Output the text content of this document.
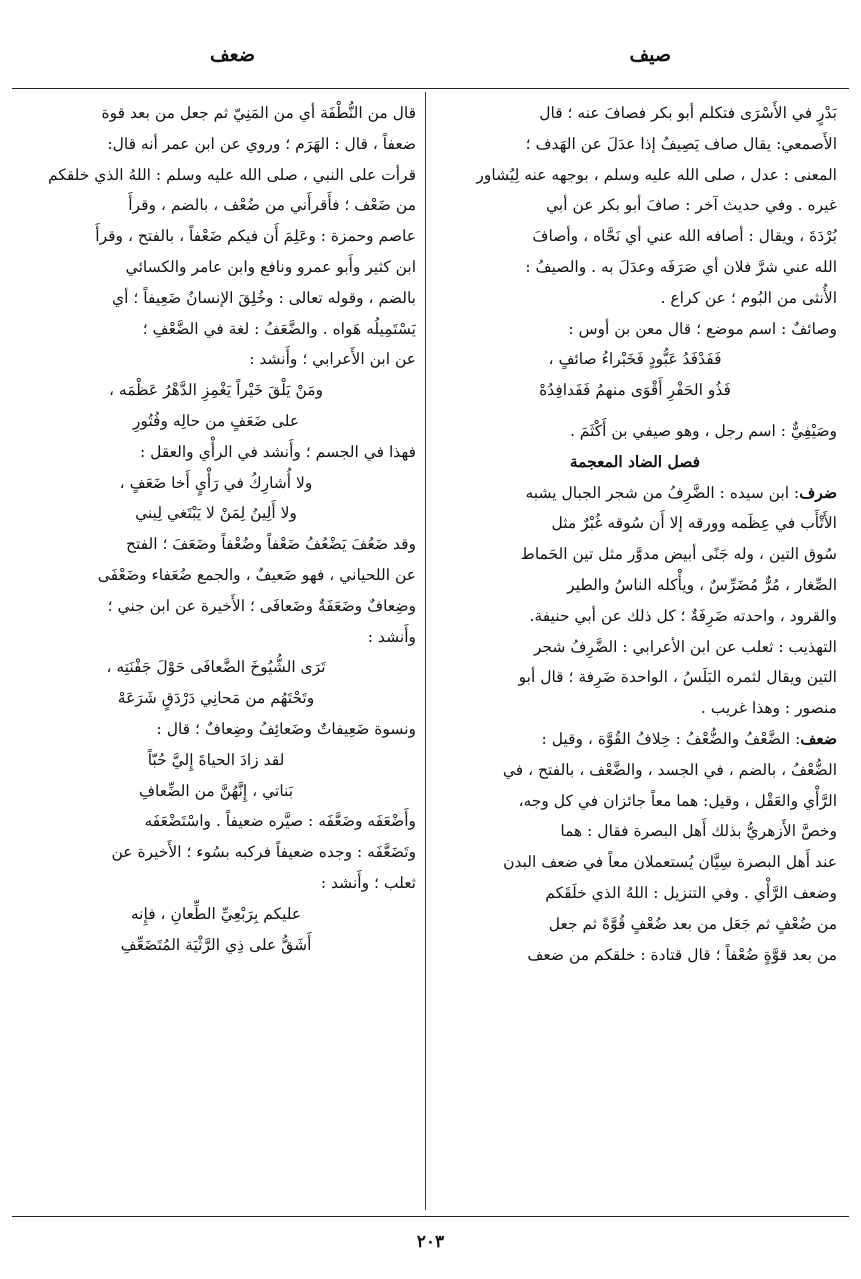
صيف
ضعف

بَدْرٍ في الأَسْرَى فتكلم أبو بكر فصافَ عنه ؛ قال

الأَصمعي: يقال صاف يَصِيفُ إذا عدَلَ عن الهَدف ؛

المعنى : عدل ، صلى الله عليه وسلم ، بوجهه عنه لِيُشاور

غيره . وفي حديث آخر : صافَ أبو بكر عن أبي

بُرْدَةَ ، ويقال : أصافه الله عني أي نَحَّاه ، وأصافَ

الله عني شرَّ فلان أي صَرَفَه وعدَلَ به . والصيفُ :

الأُنثى من البُوم ؛ عن كراع .

وصائفٌ : اسم موضع ؛ قال معن بن أوس :

فَفَدْفَدُ عَبُّودٍ فَخَبْراءُ صائفٍ ،

فَذُو الحَفْرِ أَقْوَى منهمُ فَفَدافِدُهْ

وصَيْفِيٌّ : اسم رجل ، وهو صيفي بن أَكْثَمَ .

فصل الضاد المعجمة

ضرف: ابن سيده : الضَّرِفُ من شجر الجبال يشبه

الأَتْأَب في عِظَمه وورقه إلا أَن سُوقه غُبْرٌ مثل

سُوق التين ، وله جَنًى أبيض مدوَّر مثل تين الحَماط

الصِّغار ، مُرٌّ مُضَرِّسٌ ، ويأْكله الناسُ والطير

والقرود ، واحدته ضَرِفَةٌ ؛ كل ذلك عن أبي حنيفة.

التهذيب : ثعلب عن ابن الأعرابي : الضَّرِفُ شجر

التين ويقال لثمره البَلَسُ ، الواحدة ضَرِفة ؛ قال أبو

منصور : وهذا غريب .

ضعف: الضَّعْفُ والضُّعْفُ : خِلافُ القُوَّة ، وقيل :

الضُّعْفُ ، بالضم ، في الجسد ، والضَّعْف ، بالفتح ، في

الرَّأْي والعَقْل ، وقيل: هما معاً جائزان في كل وجه،

وخصَّ الأَزهريُّ بذلك أَهل البصرة فقال : هما

عند أَهل البصرة سِيَّان يُستعملان معاً في ضعف البدن

وضعف الرَّأْي . وفي التنزيل : اللهُ الذي خلَقَكم

من ضُعْفٍ ثم جَعَل من بعد ضُعْفٍ قُوَّةً ثم جعل

من بعد قوَّةٍ ضُعْفاً ؛ قال قتادة : خلقكم من ضعف

قال من النُّطْفَة أي من المَنِيّ ثم جعل من بعد قوة

ضعفاً ، قال : الهَرَم ؛ وروي عن ابن عمر أنه قال:

قرأت على النبي ، صلى الله عليه وسلم : اللهُ الذي خلقكم

من ضَعْف ؛ فأَقرأَني من ضُعْف ، بالضم ، وقرأَ

عاصم وحمزة : وعَلِمَ أَن فيكم ضَعْفاً ، بالفتح ، وقرأَ

ابن كثير وأَبو عمرو ونافع وابن عامر والكسائي

بالضم ، وقوله تعالى : وخُلِقَ الإنسانُ ضَعِيفاً ؛ أي

يَسْتَمِيلُه هَواه . والضَّعَفُ : لغة في الضَّعْفِ ؛

عن ابن الأَعرابي ؛ وأَنشد :

ومَنْ يَلْقَ خَيْراً يَغْمِزِ الدَّهْرُ عَظْمَه ،

على ضَعَفٍ من حالِه وفُتُورِ

فهذا في الجسم ؛ وأَنشد في الرأْي والعقل :

ولا أُشارِكُ في رَأْيٍ أَخا ضَعَفٍ ،

ولا أَلِينُ لِمَنْ لا يَبْتَغي لِيني

وقد ضَعُفَ يَضْعُفُ ضَعْفاً وضُعْفاً وضَعَفَ ؛ الفتح

عن اللحياني ، فهو ضَعيفٌ ، والجمع ضُعَفاء وضَعْفَى

وضِعافٌ وضَعَفَةٌ وضَعافَى ؛ الأَخيرة عن ابن جني ؛

وأَنشد :

تَرَى الشُّيُوخَ الضَّعافَى حَوْلَ جَفْنَتِه ،

وتَحْتَهُم من مَحانِي دَرْدَقٍ شَرَعَهْ

ونسوة ضَعِيفاتٌ وضَعائِفُ وضِعافٌ ؛ قال :

لقد زادَ الحياةَ إِليَّ حُبّاً

بَناتي ، إِنَّهُنَّ من الضِّعافِ

وأَضْعَفَه وضَعَّفَه : صيَّره ضعيفاً . واسْتَضْعَفَه

وتَضَعَّفَه : وجده ضعيفاً فركبه بسُوء ؛ الأَخيرة عن

ثعلب ؛ وأَنشد :

عليكم بِرَبْعِيِّ الطِّعانِ ، فإِنه

أَشَقُّ على ذِي الرَّثْيَة المُتَضَعِّفِ

٢٠٣
